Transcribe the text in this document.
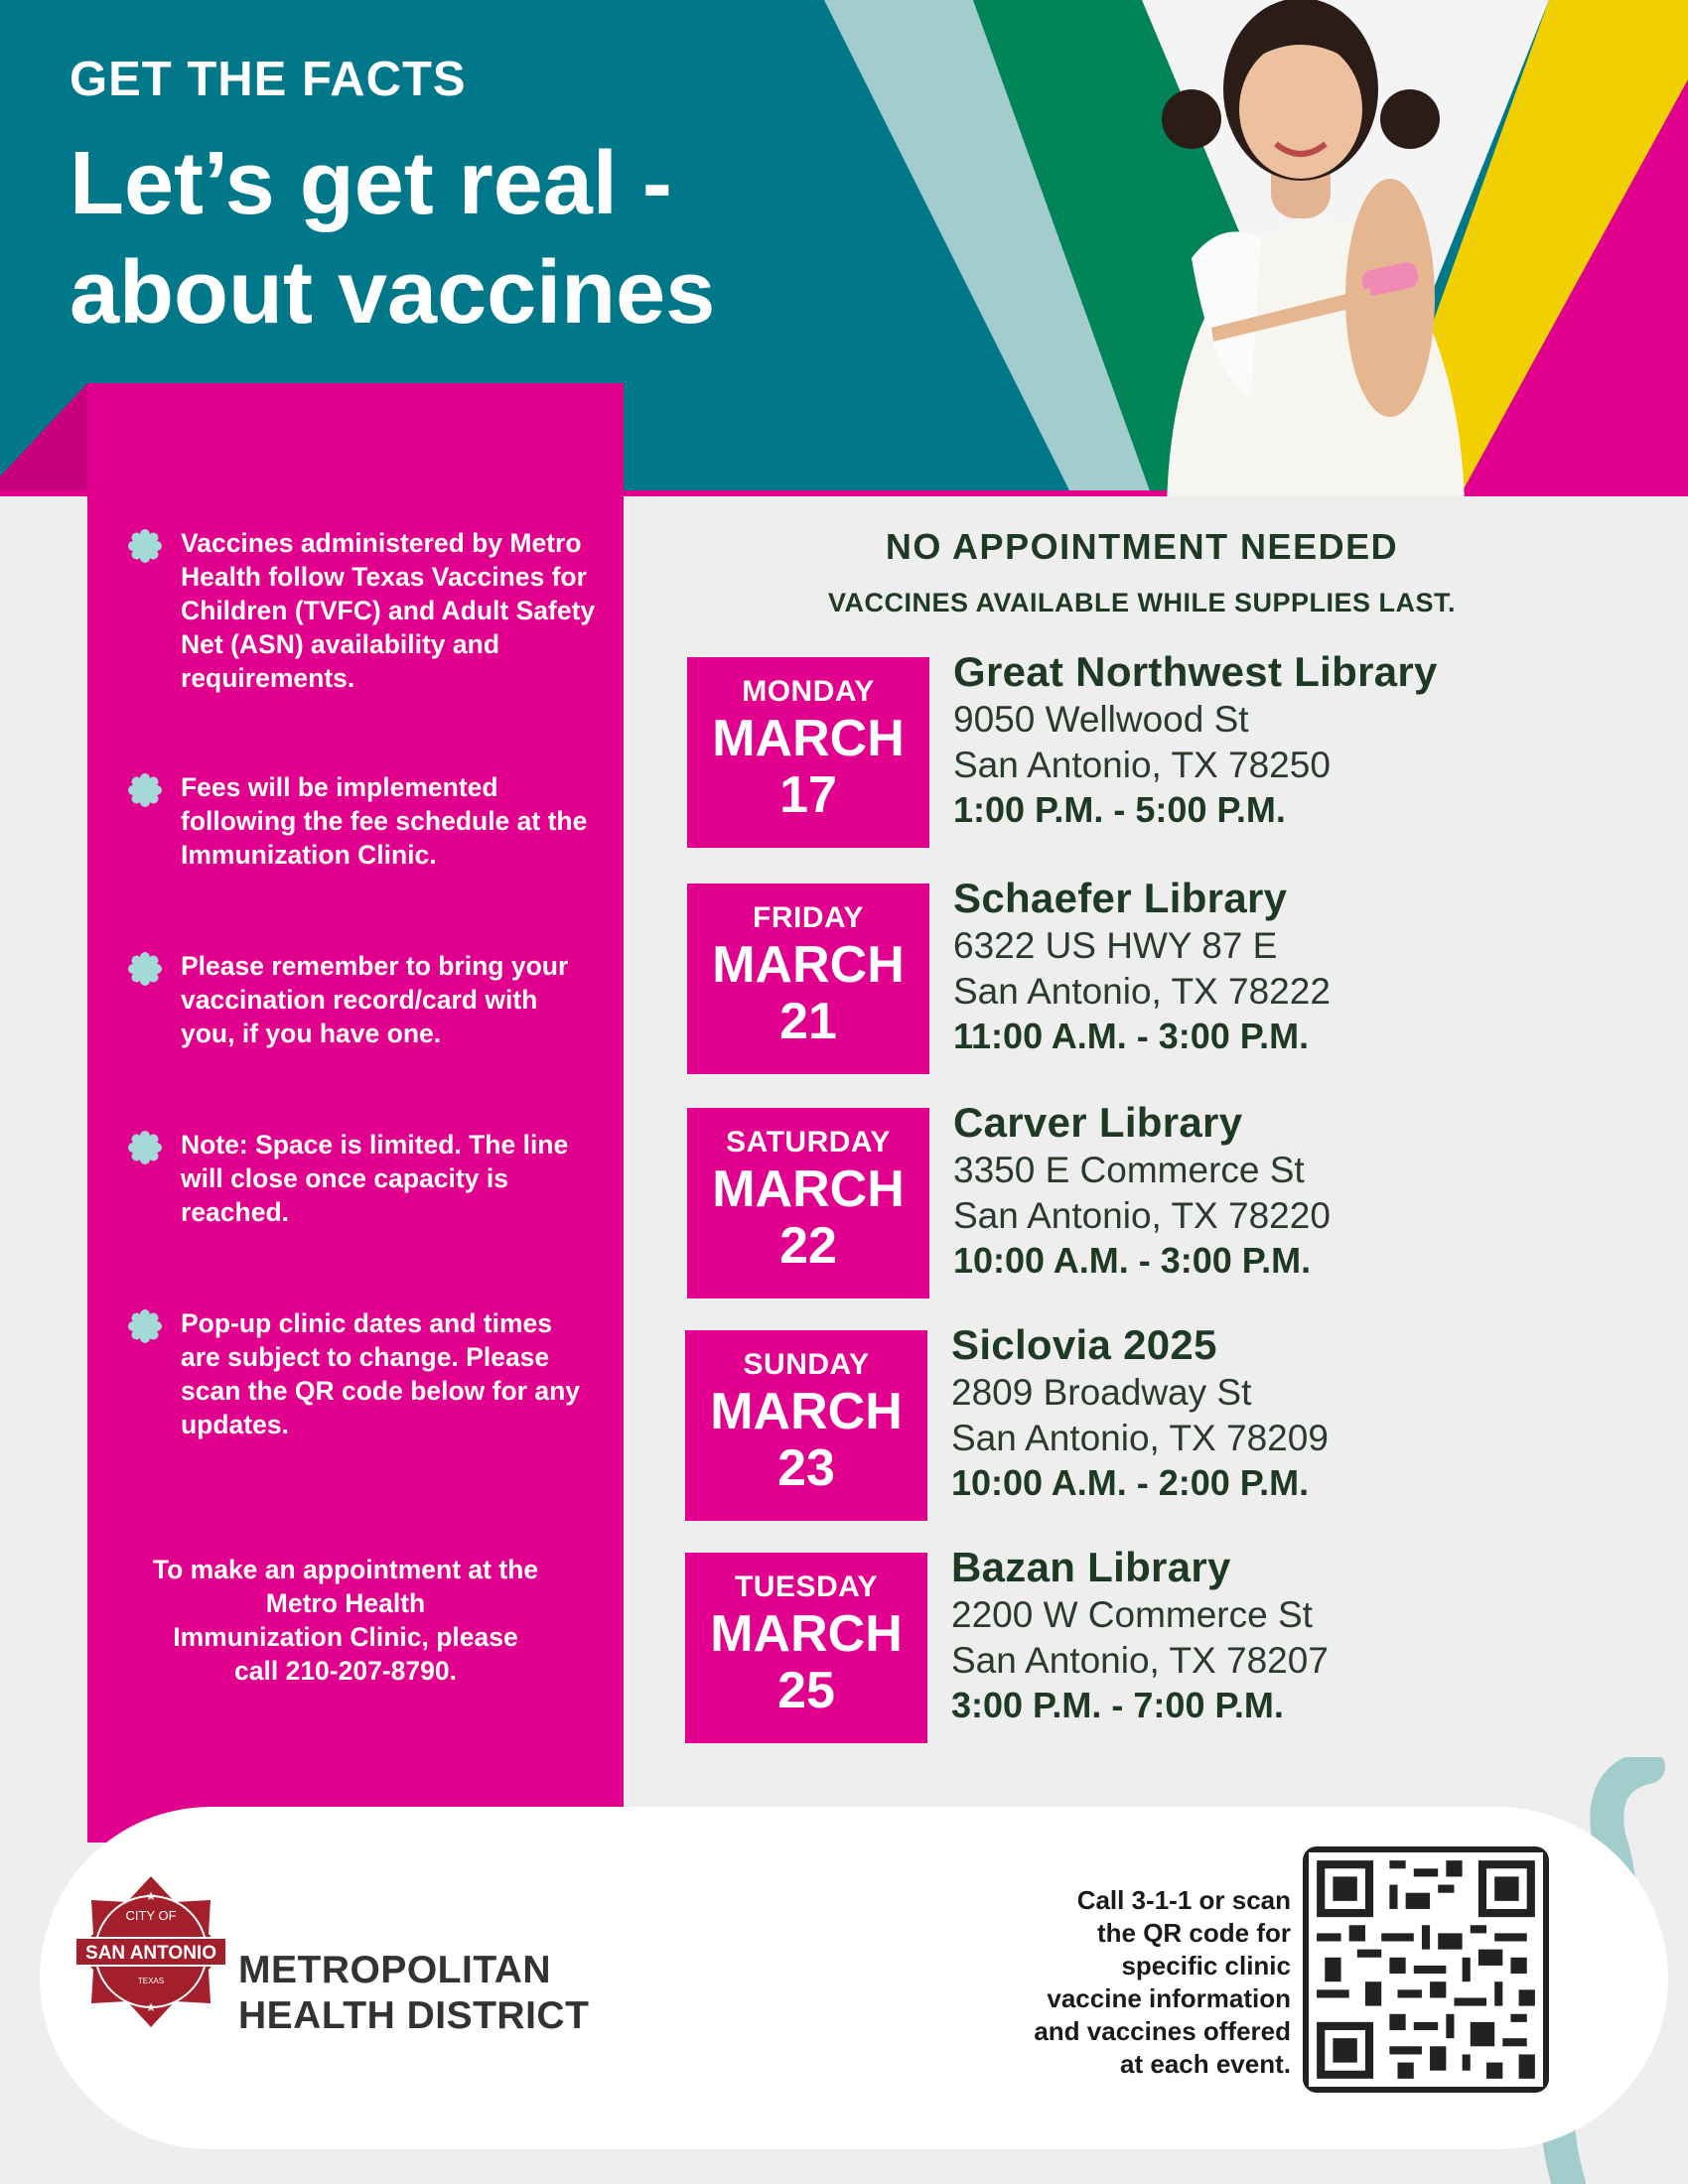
GET THE FACTS
Let’s get real -
about vaccines
Vaccines administered by Metro Health follow Texas Vaccines for Children (TVFC) and Adult Safety Net (ASN) availability and requirements.
Fees will be implemented following the fee schedule at the Immunization Clinic.
Please remember to bring your vaccination record/card with you, if you have one.
Note: Space is limited. The line will close once capacity is reached.
Pop-up clinic dates and times are subject to change. Please scan the QR code below for any updates.
To make an appointment at the
Metro Health
Immunization Clinic, please
call 210-207-8790.
NO APPOINTMENT NEEDED
VACCINES AVAILABLE WHILE SUPPLIES LAST.
MONDAY
MARCH
17
Great Northwest Library
9050 Wellwood St
San Antonio, TX 78250
1:00 P.M. - 5:00 P.M.
FRIDAY
MARCH
21
Schaefer Library
6322 US HWY 87 E
San Antonio, TX 78222
11:00 A.M. - 3:00 P.M.
SATURDAY
MARCH
22
Carver Library
3350 E Commerce St
San Antonio, TX 78220
10:00 A.M. - 3:00 P.M.
SUNDAY
MARCH
23
Siclovia 2025
2809 Broadway St
San Antonio, TX 78209
10:00 A.M. - 2:00 P.M.
TUESDAY
MARCH
25
Bazan Library
2200 W Commerce St
San Antonio, TX 78207
3:00 P.M. - 7:00 P.M.
CITY OF
SAN ANTONIO
TEXAS
★
★
METROPOLITAN
HEALTH DISTRICT
Call 3-1-1 or scan
the QR code for
specific clinic
vaccine information
and vaccines offered
at each event.
